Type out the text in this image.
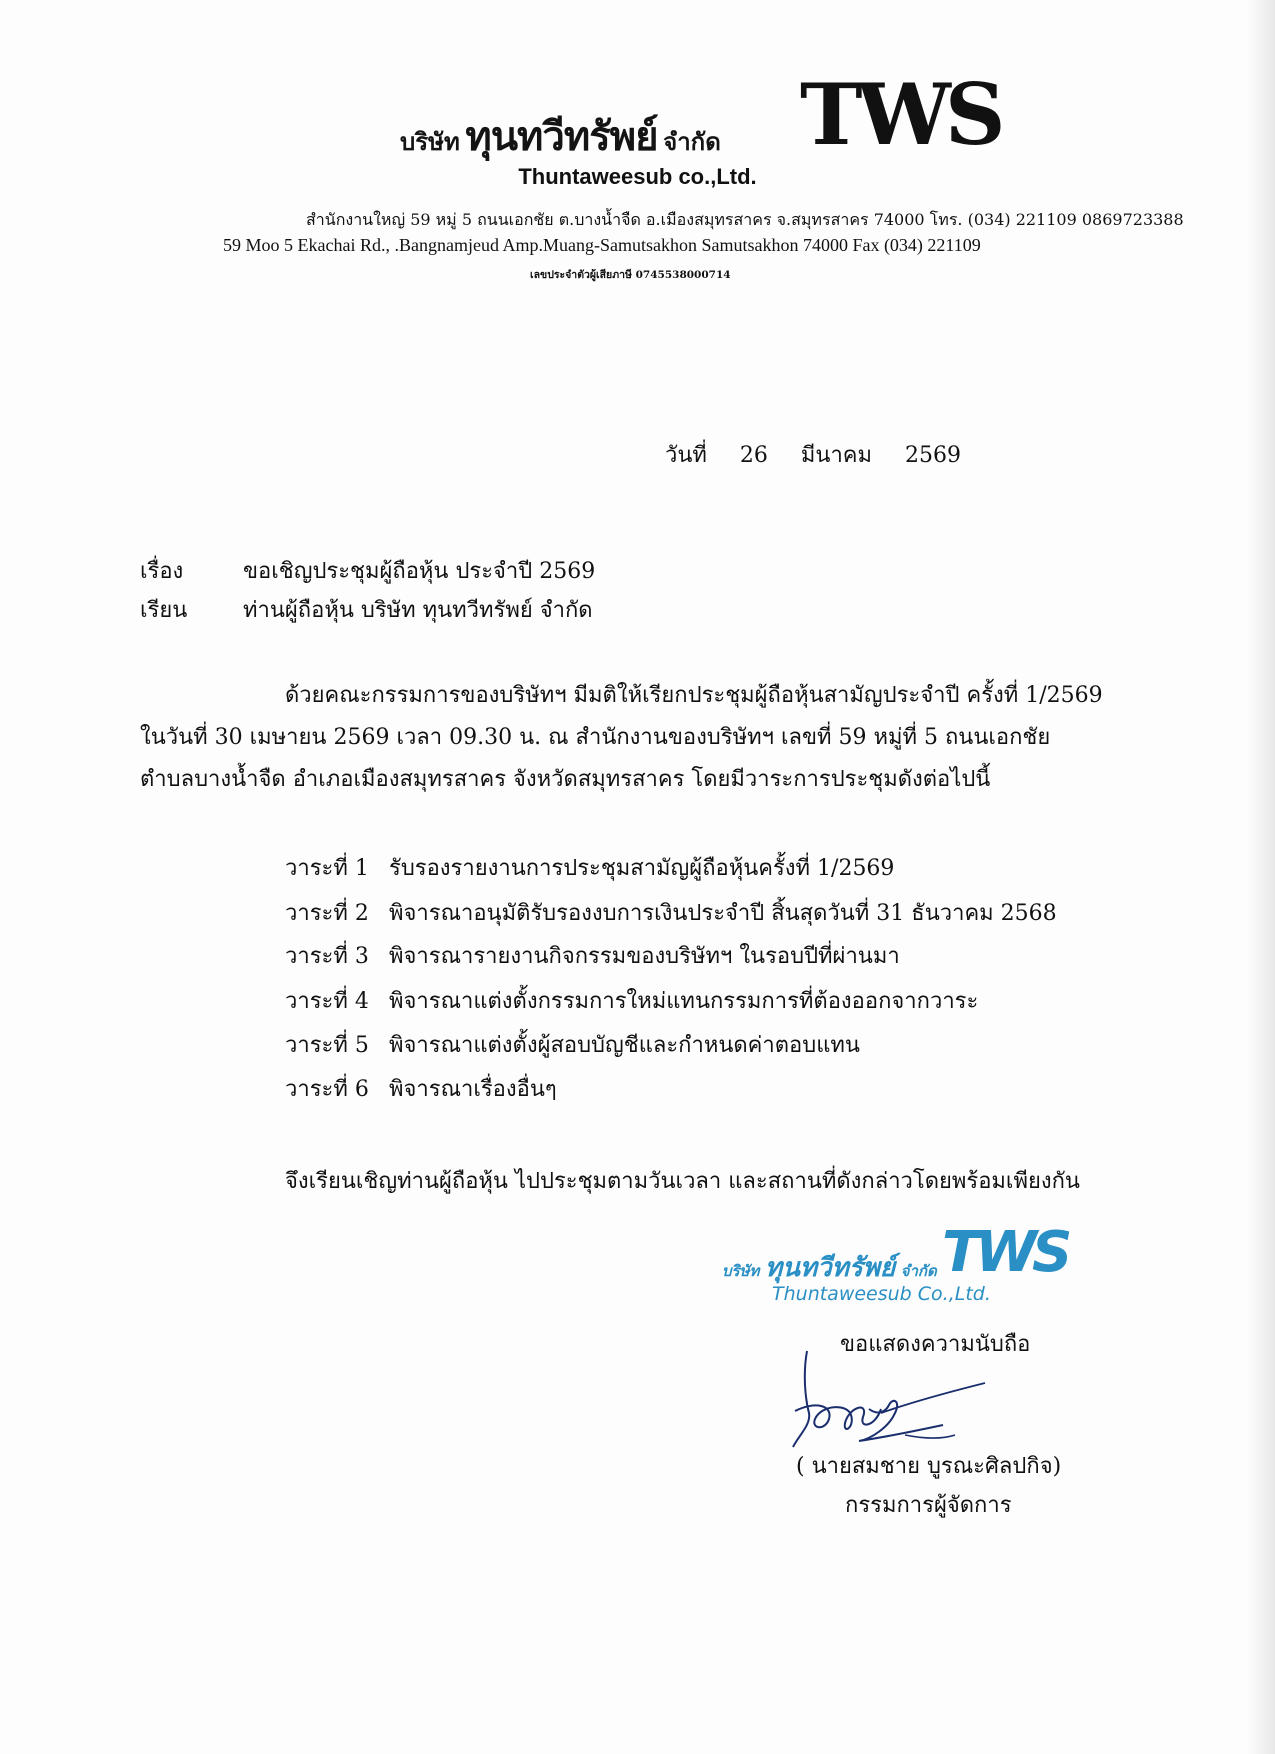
บริษัท ทุนทวีทรัพย์ จำกัด TWS
Thuntaweesub co.,Ltd.
สำนักงานใหญ่ 59 หมู่ 5 ถนนเอกชัย ต.บางน้ำจืด อ.เมืองสมุทรสาคร จ.สมุทรสาคร 74000 โทร. (034) 221109 0869723388
59 Moo 5 Ekachai Rd., .Bangnamjeud Amp.Muang-Samutsakhon Samutsakhon 74000 Fax (034) 221109
เลขประจำตัวผู้เสียภาษี 0745538000714
วันที่ 26 มีนาคม 2569
เรื่อง	ขอเชิญประชุมผู้ถือหุ้น ประจำปี 2569
เรียน	ท่านผู้ถือหุ้น บริษัท ทุนทวีทรัพย์ จำกัด
ด้วยคณะกรรมการของบริษัทฯ มีมติให้เรียกประชุมผู้ถือหุ้นสามัญประจำปี ครั้งที่ 1/2569
ในวันที่ 30 เมษายน 2569 เวลา 09.30 น. ณ สำนักงานของบริษัทฯ เลขที่ 59 หมู่ที่ 5 ถนนเอกชัย
ตำบลบางน้ำจืด อำเภอเมืองสมุทรสาคร จังหวัดสมุทรสาคร โดยมีวาระการประชุมดังต่อไปนี้
วาระที่ 1 รับรองรายงานการประชุมสามัญผู้ถือหุ้นครั้งที่ 1/2569
วาระที่ 2 พิจารณาอนุมัติรับรองงบการเงินประจำปี สิ้นสุดวันที่ 31 ธันวาคม 2568
วาระที่ 3 พิจารณารายงานกิจกรรมของบริษัทฯ ในรอบปีที่ผ่านมา
วาระที่ 4 พิจารณาแต่งตั้งกรรมการใหม่แทนกรรมการที่ต้องออกจากวาระ
วาระที่ 5 พิจารณาแต่งตั้งผู้สอบบัญชีและกำหนดค่าตอบแทน
วาระที่ 6 พิจารณาเรื่องอื่นๆ
จึงเรียนเชิญท่านผู้ถือหุ้น ไปประชุมตามวันเวลา และสถานที่ดังกล่าวโดยพร้อมเพียงกัน
บริษัท ทุนทวีทรัพย์ จำกัด TWS
Thuntaweesub Co.,Ltd.
ขอแสดงความนับถือ
( นายสมชาย บูรณะศิลปกิจ)
กรรมการผู้จัดการ
